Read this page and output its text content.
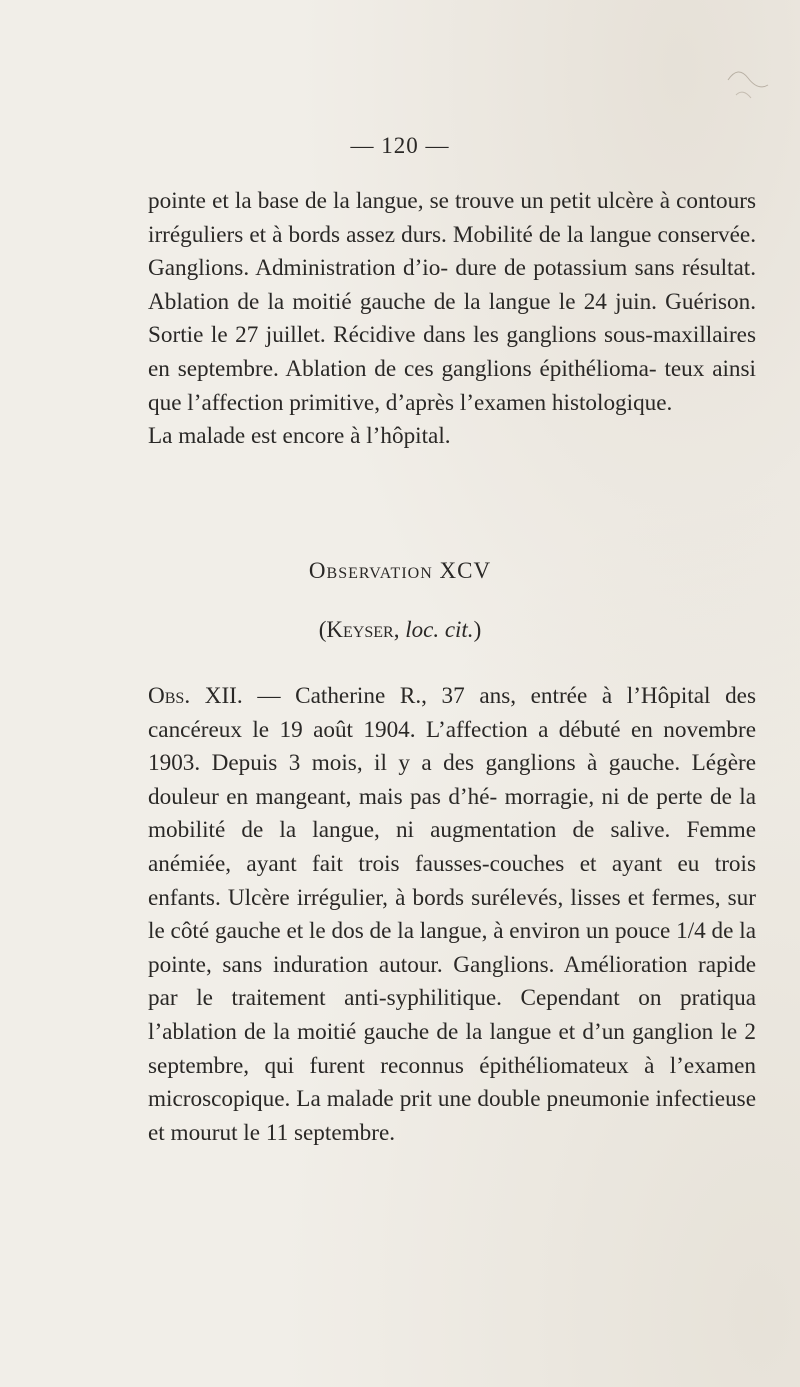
— 120 —

pointe et la base de la langue, se trouve un petit ulcère à contours irréguliers et à bords assez durs. Mobilité de la langue conservée. Ganglions. Administration d’io- dure de potassium sans résultat. Ablation de la moitié gauche de la langue le 24 juin. Guérison. Sortie le 27 juillet. Récidive dans les ganglions sous-maxillaires en septembre. Ablation de ces ganglions épithélioma- teux ainsi que l’affection primitive, d’après l’examen histologique.

La malade est encore à l’hôpital.

Observation XCV
(Keyser, loc. cit.)

Obs. XII. — Catherine R., 37 ans, entrée à l’Hôpital des cancéreux le 19 août 1904. L’affection a débuté en novembre 1903. Depuis 3 mois, il y a des ganglions à gauche. Légère douleur en mangeant, mais pas d’hé- morragie, ni de perte de la mobilité de la langue, ni augmentation de salive. Femme anémiée, ayant fait trois fausses-couches et ayant eu trois enfants. Ulcère irrégulier, à bords surélevés, lisses et fermes, sur le côté gauche et le dos de la langue, à environ un pouce 1/4 de la pointe, sans induration autour. Ganglions. Amélioration rapide par le traitement anti-syphilitique. Cependant on pratiqua l’ablation de la moitié gauche de la langue et d’un ganglion le 2 septembre, qui furent reconnus épithéliomateux à l’examen microscopique. La malade prit une double pneumonie infectieuse et mourut le 11 septembre.
